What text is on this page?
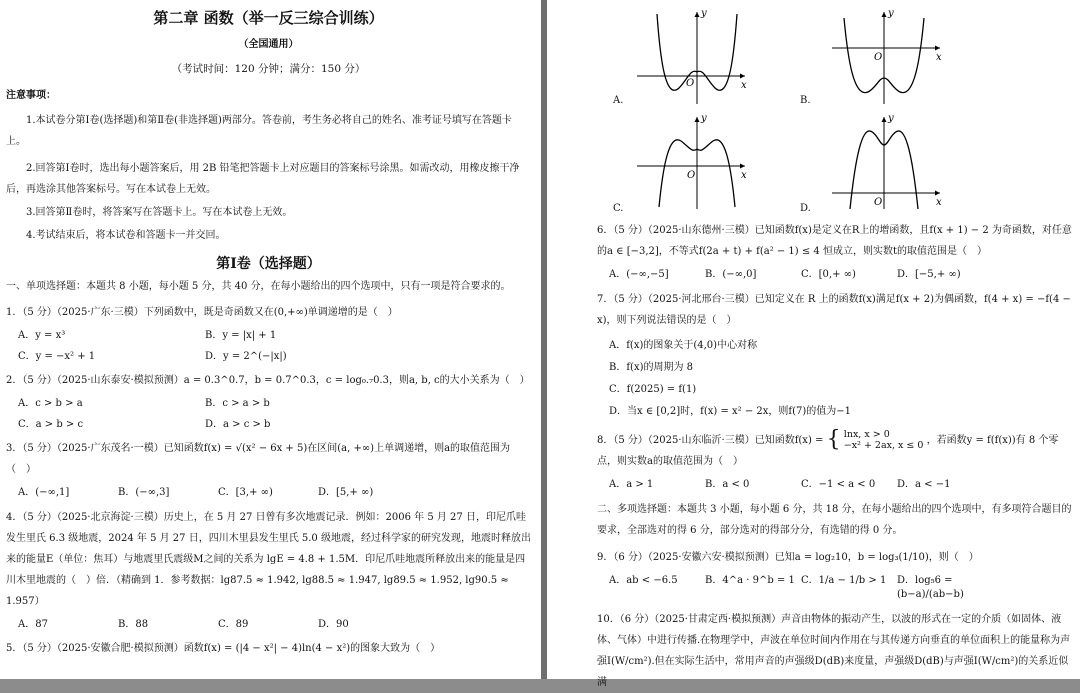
第二章 函数（举一反三综合训练）
（全国通用）
（考试时间：120 分钟；满分：150 分）
注意事项：
1.本试卷分第Ⅰ卷(选择题)和第Ⅱ卷(非选择题)两部分。答卷前，考生务必将自己的姓名、准考证号填写在答题卡上。
2.回答第Ⅰ卷时，选出每小题答案后，用 2B 铅笔把答题卡上对应题目的答案标号涂黑。如需改动，用橡皮擦干净后，再选涂其他答案标号。写在本试卷上无效。
3.回答第Ⅱ卷时，将答案写在答题卡上。写在本试卷上无效。
4.考试结束后，将本试卷和答题卡一并交回。
第Ⅰ卷（选择题）
一、单项选择题：本题共 8 小题，每小题 5 分，共 40 分，在每小题给出的四个选项中，只有一项是符合要求的。
1．（5 分）（2025·广东·三模）下列函数中，既是奇函数又在(0,+∞)单调递增的是（　）
A．y = x³	B．y = |x| + 1
C．y = −x² + 1	D．y = 2^(−|x|)
2．（5 分）（2025·山东泰安·模拟预测）a = 0.3^0.7，b = 0.7^0.3，c = log₀.₇0.3，则a, b, c的大小关系为（　）
A．c > b > a	B．c > a > b
C．a > b > c	D．a > c > b
3．（5 分）（2025·广东茂名·一模）已知函数f(x) = √(x² − 6x + 5)在区间(a, +∞)上单调递增，则a的取值范围为（　）
A．(−∞,1]	B．(−∞,3]	C．[3,+ ∞)	D．[5,+ ∞)
4．（5 分）（2025·北京海淀·三模）历史上，在 5 月 27 日曾有多次地震记录．例如：2006 年 5 月 27 日，印尼爪哇发生里氏 6.3 级地震，2024 年 5 月 27 日，四川木里县发生里氏 5.0 级地震，经过科学家的研究发现，地震时释放出来的能量E（单位：焦耳）与地震里氏震级M之间的关系为 lgE = 4.8 + 1.5M．印尼爪哇地震所释放出来的能量是四川木里地震的（　）倍．（精确到 1．参考数据：lg87.5 ≈ 1.942, lg88.5 ≈ 1.947, lg89.5 ≈ 1.952, lg90.5 ≈ 1.957）
A．87	B．88	C．89	D．90
5．（5 分）（2025·安徽合肥·模拟预测）函数f(x) = (|4 − x²| − 4)ln(4 − x²)的图象大致为（　）
y
x
O
A.
y
x
O
B.
y
x
O
C.
y
x
O
D.
6．（5 分）（2025·山东德州·三模）已知函数f(x)是定义在R上的增函数，且f(x + 1) − 2 为奇函数，对任意的a ∈ [−3,2]，不等式f(2a + t) + f(a² − 1) ≤ 4 恒成立，则实数t的取值范围是（　）
A．(−∞,−5]	B．(−∞,0]	C．[0,+ ∞)	D．[−5,+ ∞)
7．（5 分）（2025·河北邢台·三模）已知定义在 R 上的函数f(x)满足f(x + 2)为偶函数，f(4 + x) = −f(4 − x)，则下列说法错误的是（　）
A．f(x)的图象关于(4,0)中心对称
B．f(x)的周期为 8
C．f(2025) = f(1)
D．当x ∈ [0,2]时，f(x) = x² − 2x，则f(7)的值为−1
8．（5 分）（2025·山东临沂·三模）已知函数f(x) = { lnx, x > 0
−x² + 2ax, x ≤ 0 ，若函数y = f(f(x))有 8 个零点，则实数a的取值范围为（　）
A．a > 1	B．a < 0	C．−1 < a < 0	D．a < −1
二、多项选择题：本题共 3 小题，每小题 6 分，共 18 分，在每小题给出的四个选项中，有多项符合题目的要求，全部选对的得 6 分，部分选对的得部分分，有选错的得 0 分。
9．（6 分）（2025·安徽六安·模拟预测）已知a = log₂10，b = log₃(1/10)，则（　）
A．ab < −6.5	B．4^a · 9^b = 1 C．1/a − 1/b > 1	D．log₅6 = (b−a)/(ab−b)
10．（6 分）（2025·甘肃定西·模拟预测）声音由物体的振动产生，以波的形式在一定的介质（如固体、液体、气体）中进行传播.在物理学中，声波在单位时间内作用在与其传递方向垂直的单位面积上的能量称为声强I(W/cm²).但在实际生活中，常用声音的声强级D(dB)来度量，声强级D(dB)与声强I(W/cm²)的关系近似满
